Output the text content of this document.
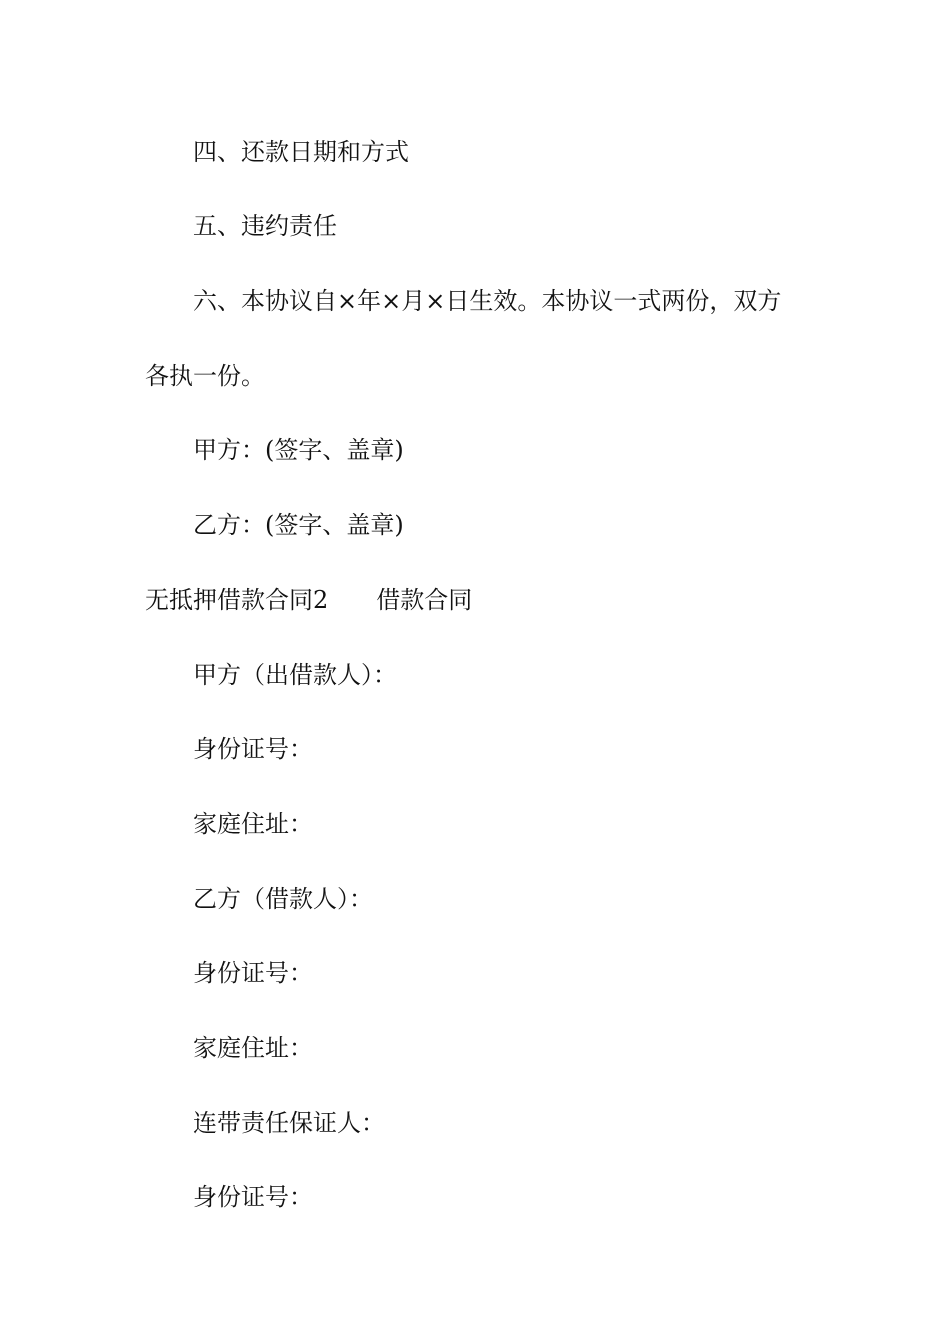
四、还款日期和方式
五、违约责任
六、本协议自×年×月×日生效。本协议一式两份，双方
各执一份。
甲方：(签字、盖章)
乙方：(签字、盖章)
无抵押借款合同2 借款合同
甲方（出借款人）：
身份证号：
家庭住址：
乙方（借款人）：
身份证号：
家庭住址：
连带责任保证人：
身份证号：
